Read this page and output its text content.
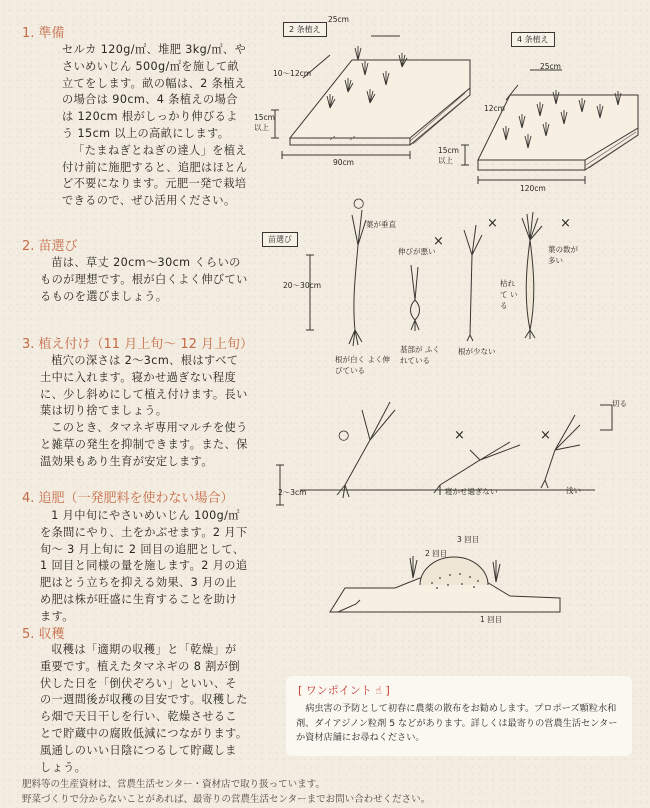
1. 準備

セルカ 120g/㎡、堆肥 3kg/㎡、やさいめいじん 500g/㎡を施して畝立てをします。畝の幅は、2 条植えの場合は 90cm、4 条植えの場合は 120cm 根がしっかり伸びるよう 15cm 以上の高畝にします。

「たまねぎとねぎの達人」を植え付け前に施肥すると、追肥はほとんど不要になります。元肥一発で栽培できるので、ぜひ活用ください。

2. 苗選び

苗は、草丈 20cm〜30cm くらいのものが理想です。根が白くよく伸びているものを選びましょう。

3. 植え付け（11 月上旬〜 12 月上旬）

植穴の深さは 2〜3cm、根はすべて土中に入れます。寝かせ過ぎない程度に、少し斜めにして植え付けます。長い葉は切り捨てましょう。

このとき、タマネギ専用マルチを使うと雑草の発生を抑制できます。また、保温効果もあり生育が安定します。

4. 追肥（一発肥料を使わない場合）

1 月中旬にやさいめいじん 100g/㎡を条間にやり、土をかぶせます。2 月下旬〜 3 月上旬に 2 回目の追肥として、1 回目と同様の量を施します。2 月の追肥はとう立ちを抑える効果、3 月の止め肥は株が旺盛に生育することを助けます。

5. 収穫

収穫は「適期の収穫」と「乾燥」が重要です。植えたタマネギの 8 割が倒伏した日を「倒伏ぞろい」といい、その一週間後が収穫の目安です。収穫したら畑で天日干しを行い、乾燥させることで貯蔵中の腐敗低減につながります。風通しのいい日陰につるして貯蔵しましょう。

2 条植え
4 条植え
25cm
10〜12cm
15cm 以上
90cm
25cm
12cm
15cm 以上
120cm
苗選び
20〜30cm
○
葉が垂直
×
伸びが悪い
×	×
葉の数が 多い
枯れて いる
根が白く よく伸びている
基部が ふくれている
根が少ない
切る
○	×	×
2〜3cm	寝かせ過ぎない	浅い
3 回目
2 回目
1 回目
[ ワンポイント ☝ ]
病虫害の予防として初春に農薬の散布をお勧めします。プロポーズ顆粒水和剤、ダイアジノン粒剤 5 などがあります。詳しくは最寄りの営農生活センターか資材店舗にお尋ねください。
肥料等の生産資材は、営農生活センター・資材店で取り扱っています。
野菜づくりで分からないことがあれば、最寄りの営農生活センターまでお問い合わせください。
